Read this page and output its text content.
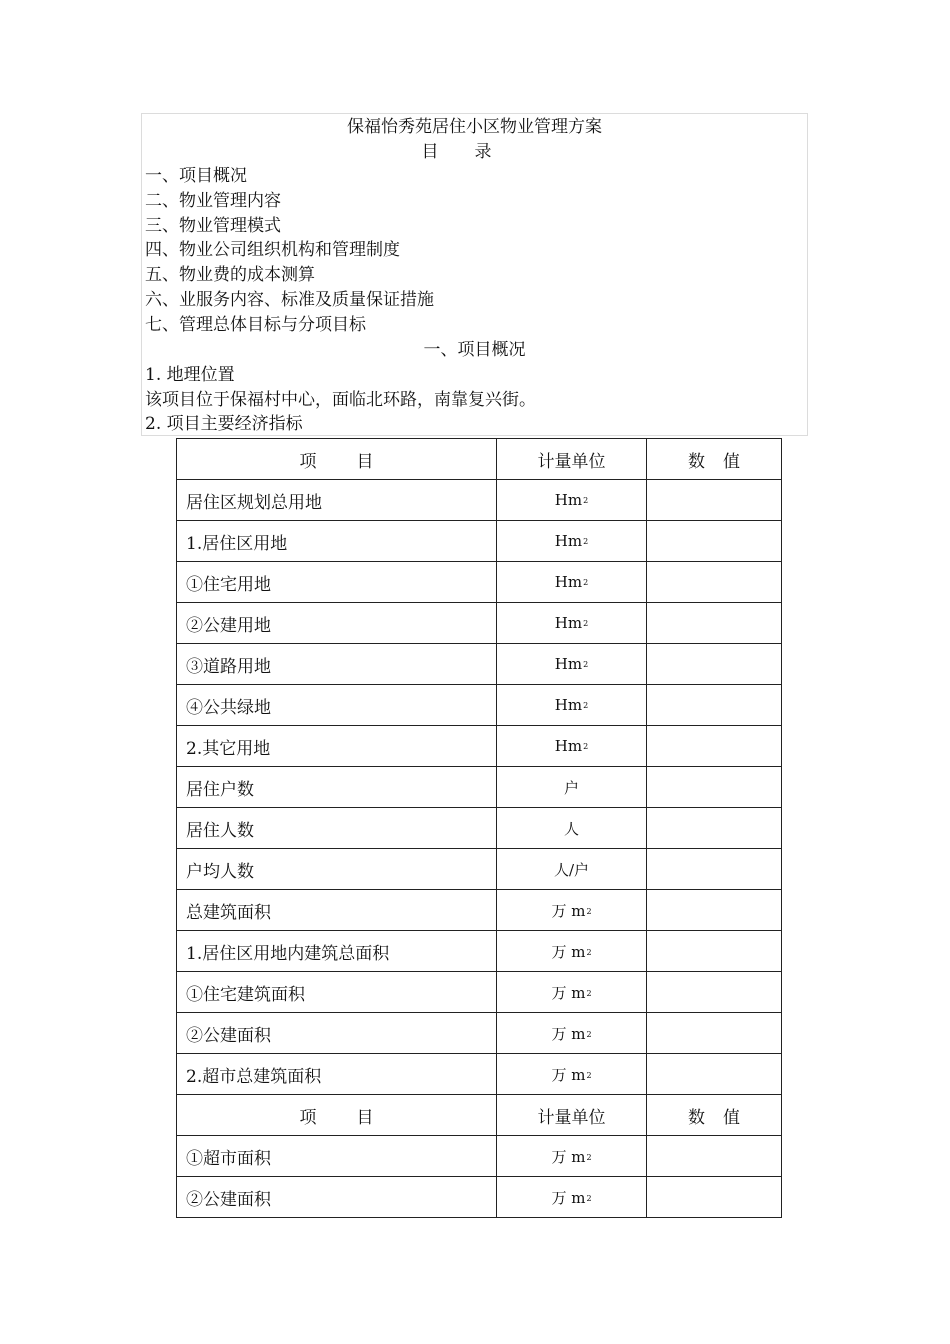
保福怡秀苑居住小区物业管理方案
目录
一、项目概况
二、物业管理内容
三、物业管理模式
四、物业公司组织机构和管理制度
五、物业费的成本测算
六、业服务内容、标准及质量保证措施
七、管理总体目标与分项目标
一、项目概况
1. 地理位置
该项目位于保福村中心，面临北环路，南靠复兴街。
2. 项目主要经济指标
项目	计量单位	数值
居住区规划总用地	Hm$^2$	
1.居住区用地	Hm$^2$	
①住宅用地	Hm$^2$	
②公建用地	Hm$^2$	
③道路用地	Hm$^2$	
④公共绿地	Hm$^2$	
2.其它用地	Hm$^2$	
居住户数	户	
居住人数	人	
户均人数	人/户	
总建筑面积	万 $m^2$	
1.居住区用地内建筑总面积	万 $m^2$	
①住宅建筑面积	万 $m^2$	
②公建面积	万 $m^2$	
2.超市总建筑面积	万 $m^2$	
项目	计量单位	数值
①超市面积	万 $m^2$	
②公建面积	万 $m^2$	
